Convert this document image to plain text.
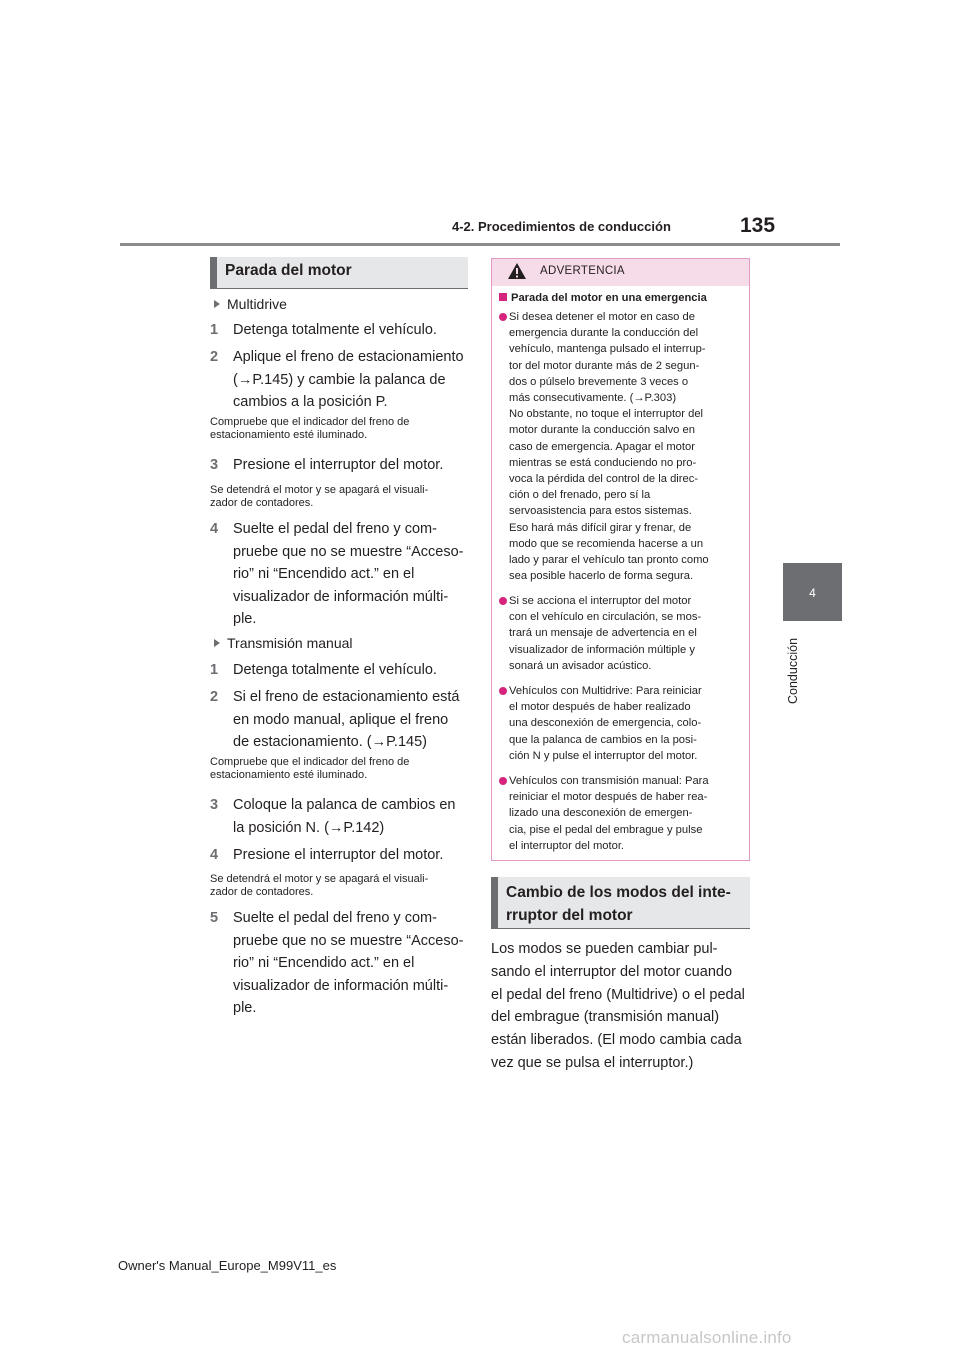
4-2. Procedimientos de conducción	135
4
Conducción
Parada del motor
Multidrive
1 Detenga totalmente el vehículo.
2 Aplique el freno de estacionamiento
(→P.145) y cambie la palanca de
cambios a la posición P.
Compruebe que el indicador del freno de
estacionamiento esté iluminado.
3 Presione el interruptor del motor.
Se detendrá el motor y se apagará el visuali-
zador de contadores.
4 Suelte el pedal del freno y com-
pruebe que no se muestre “Acceso-
rio” ni “Encendido act.” en el
visualizador de información múlti-
ple.
Transmisión manual
1 Detenga totalmente el vehículo.
2 Si el freno de estacionamiento está
en modo manual, aplique el freno
de estacionamiento. (→P.145)
Compruebe que el indicador del freno de
estacionamiento esté iluminado.
3 Coloque la palanca de cambios en
la posición N. (→P.142)
4 Presione el interruptor del motor.
Se detendrá el motor y se apagará el visuali-
zador de contadores.
5 Suelte el pedal del freno y com-
pruebe que no se muestre “Acceso-
rio” ni “Encendido act.” en el
visualizador de información múlti-
ple.
ADVERTENCIA
Parada del motor en una emergencia
Si desea detener el motor en caso de
emergencia durante la conducción del
vehículo, mantenga pulsado el interrup-
tor del motor durante más de 2 segun-
dos o púlselo brevemente 3 veces o
más consecutivamente. (→P.303)
No obstante, no toque el interruptor del
motor durante la conducción salvo en
caso de emergencia. Apagar el motor
mientras se está conduciendo no pro-
voca la pérdida del control de la direc-
ción o del frenado, pero sí la
servoasistencia para estos sistemas.
Eso hará más difícil girar y frenar, de
modo que se recomienda hacerse a un
lado y parar el vehículo tan pronto como
sea posible hacerlo de forma segura.
Si se acciona el interruptor del motor
con el vehículo en circulación, se mos-
trará un mensaje de advertencia en el
visualizador de información múltiple y
sonará un avisador acústico.
Vehículos con Multidrive: Para reiniciar
el motor después de haber realizado
una desconexión de emergencia, colo-
que la palanca de cambios en la posi-
ción N y pulse el interruptor del motor.
Vehículos con transmisión manual: Para
reiniciar el motor después de haber rea-
lizado una desconexión de emergen-
cia, pise el pedal del embrague y pulse
el interruptor del motor.
Cambio de los modos del inte-
rruptor del motor
Los modos se pueden cambiar pul-
sando el interruptor del motor cuando
el pedal del freno (Multidrive) o el pedal
del embrague (transmisión manual)
están liberados. (El modo cambia cada
vez que se pulsa el interruptor.)
Owner's Manual_Europe_M99V11_es
carmanualsonline.info
